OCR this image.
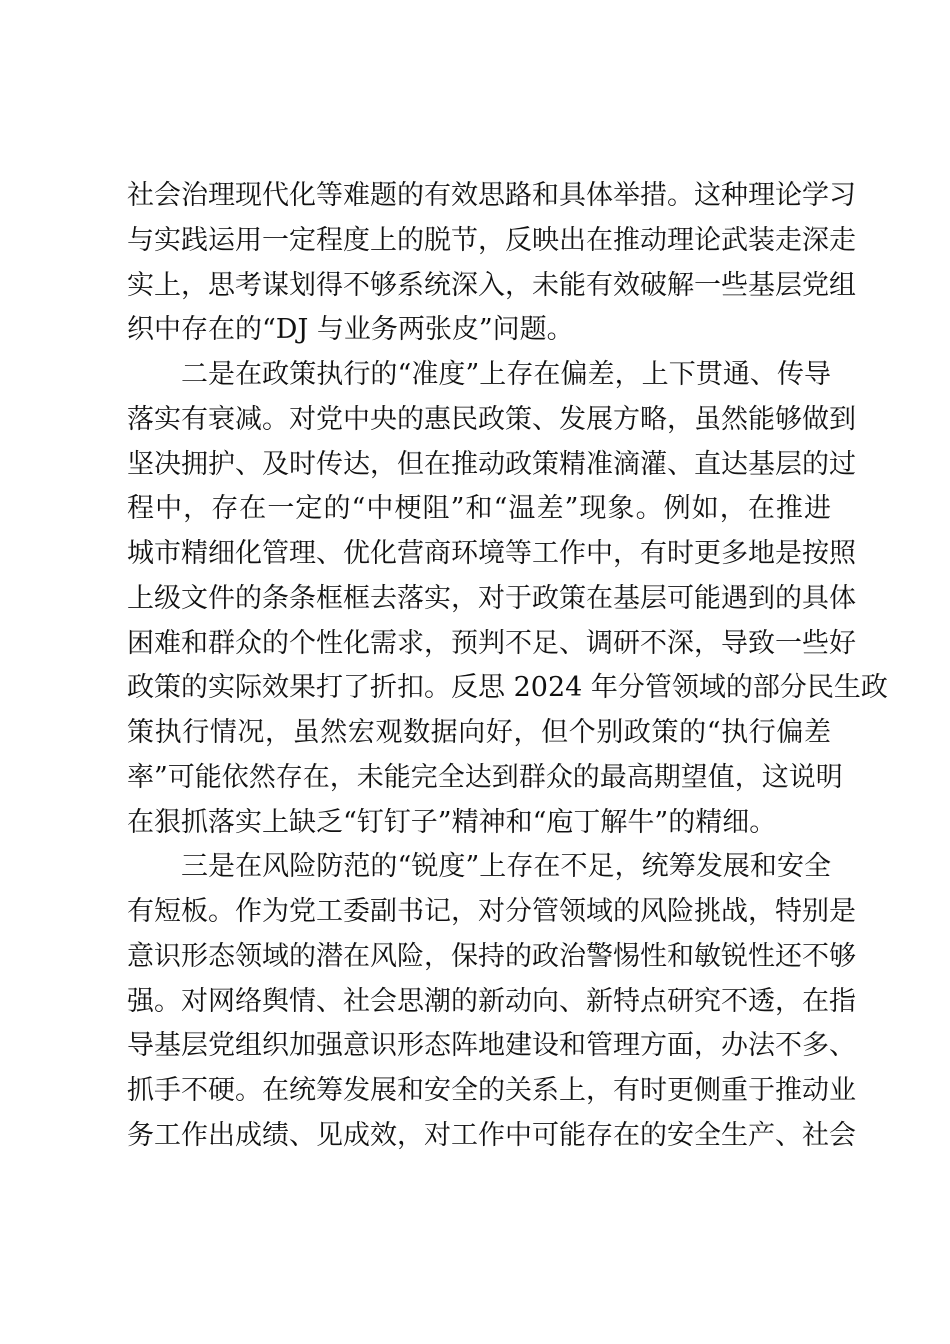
社会治理现代化等难题的有效思路和具体举措。这种理论学习
与实践运用一定程度上的脱节，反映出在推动理论武装走深走
实上，思考谋划得不够系统深入，未能有效破解一些基层党组
织中存在的“DJ 与业务两张皮”问题。
二是在政策执行的“准度”上存在偏差，上下贯通、传导
落实有衰减。对党中央的惠民政策、发展方略，虽然能够做到
坚决拥护、及时传达，但在推动政策精准滴灌、直达基层的过
程中，存在一定的“中梗阻”和“温差”现象。例如，在推进
城市精细化管理、优化营商环境等工作中，有时更多地是按照
上级文件的条条框框去落实，对于政策在基层可能遇到的具体
困难和群众的个性化需求，预判不足、调研不深，导致一些好
政策的实际效果打了折扣。反思 2024 年分管领域的部分民生政
策执行情况，虽然宏观数据向好，但个别政策的“执行偏差
率”可能依然存在，未能完全达到群众的最高期望值，这说明
在狠抓落实上缺乏“钉钉子”精神和“庖丁解牛”的精细。
三是在风险防范的“锐度”上存在不足，统筹发展和安全
有短板。作为党工委副书记，对分管领域的风险挑战，特别是
意识形态领域的潜在风险，保持的政治警惕性和敏锐性还不够
强。对网络舆情、社会思潮的新动向、新特点研究不透，在指
导基层党组织加强意识形态阵地建设和管理方面，办法不多、
抓手不硬。在统筹发展和安全的关系上，有时更侧重于推动业
务工作出成绩、见成效，对工作中可能存在的安全生产、社会
